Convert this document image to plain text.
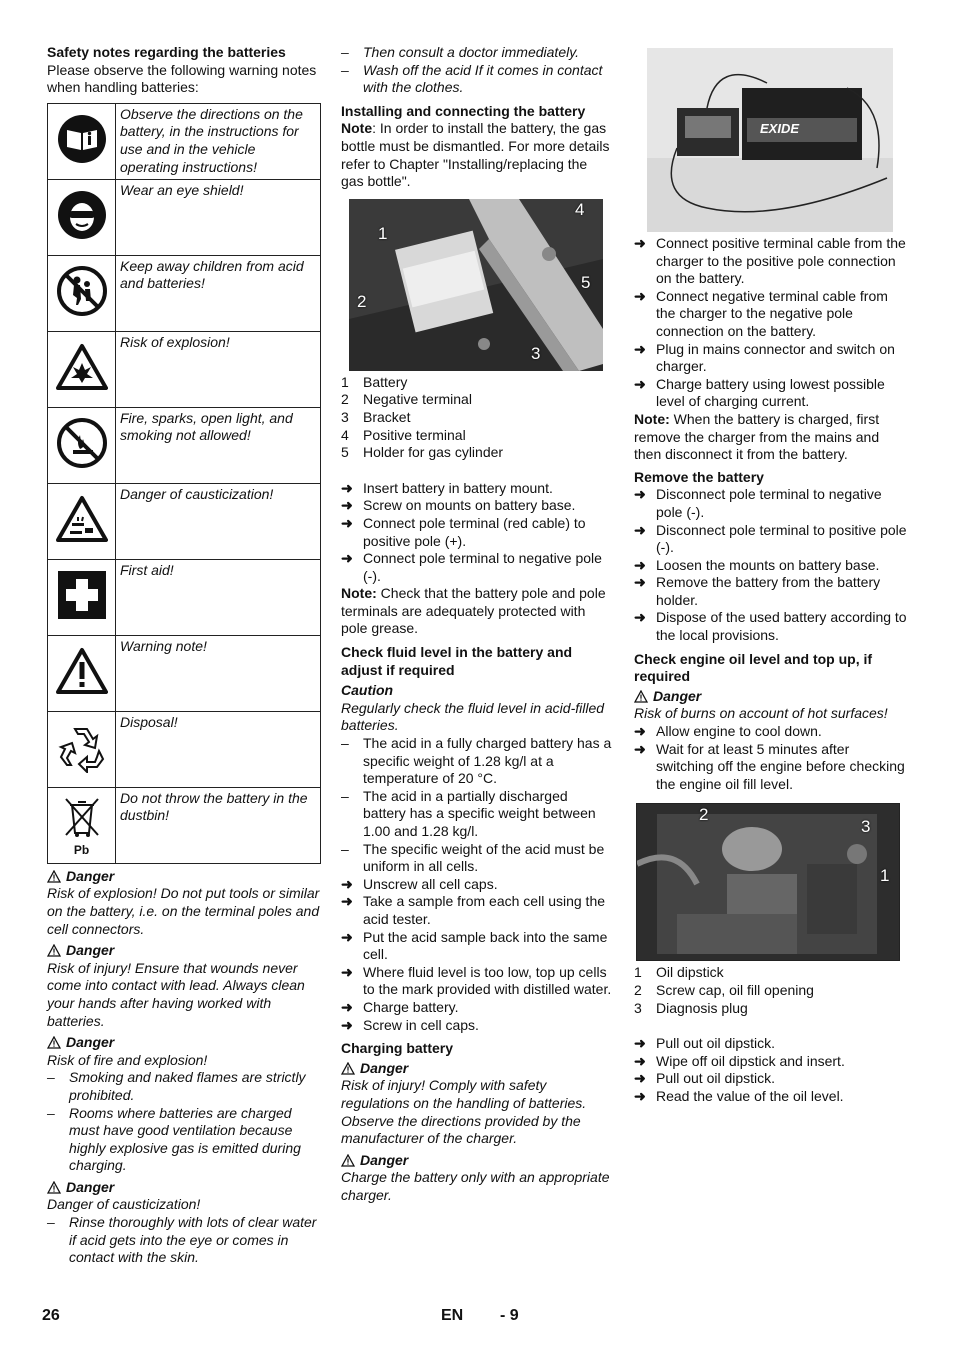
Safety notes regarding the batteries

Please observe the following warning notes when handling batteries:

	Observe the directions on the battery, in the instructions for use and in the vehicle operating instructions!
	Wear an eye shield!
	Keep away children from acid and batteries!
	Risk of explosion!
	Fire, sparks, open light, and smoking not allowed!
	Danger of causticization!
	First aid!
	Warning note!
	Disposal!

Pb	Do not throw the battery in the dustbin!
Danger

Risk of explosion! Do not put tools or similar on the battery, i.e. on the terminal poles and cell connectors.

Danger

Risk of injury! Ensure that wounds never come into contact with lead. Always clean your hands after having worked with batteries.

Danger

Risk of fire and explosion!

– Smoking and naked flames are strictly prohibited.
– Rooms where batteries are charged must have good ventilation because highly explosive gas is emitted during charging.
Danger

Danger of causticization!

– Rinse thoroughly with lots of clear water if acid gets into the eye or comes in contact with the skin.
– Then consult a doctor immediately.
– Wash off the acid If it comes in contact with the clothes.

Installing and connecting the battery

Note: In order to install the battery, the gas bottle must be dismantled. For more details refer to Chapter "Installing/replacing the gas bottle".

1
2
3
4
5
1 Battery
2 Negative terminal
3 Bracket
4 Positive terminal
5 Holder for gas cylinder
➜ Insert battery in battery mount.
➜ Screw on mounts on battery base.
➜ Connect pole terminal (red cable) to positive pole (+).
➜ Connect pole terminal to negative pole (-).

Note: Check that the battery pole and pole terminals are adequately protected with pole grease.

Check fluid level in the battery and adjust if required

Caution

Regularly check the fluid level in acid-filled batteries.

– The acid in a fully charged battery has a specific weight of 1.28 kg/l at a temperature of 20 °C.
– The acid in a partially discharged battery has a specific weight between 1.00 and 1.28 kg/l.
– The specific weight of the acid must be uniform in all cells.
➜ Unscrew all cell caps.
➜ Take a sample from each cell using the acid tester.
➜ Put the acid sample back into the same cell.
➜ Where fluid level is too low, top up cells to the mark provided with distilled water.
➜ Charge battery.
➜ Screw in cell caps.

Charging battery

Danger

Risk of injury! Comply with safety regulations on the handling of batteries. Observe the directions provided by the manufacturer of the charger.

Danger

Charge the battery only with an appropriate charger.

EXIDE
➜ Connect positive terminal cable from the charger to the positive pole connection on the battery.
➜ Connect negative terminal cable from the charger to the negative pole connection on the battery.
➜ Plug in mains connector and switch on charger.
➜ Charge battery using lowest possible level of charging current.

Note: When the battery is charged, first remove the charger from the mains and then disconnect it from the battery.

Remove the battery

➜ Disconnect pole terminal to negative pole (-).
➜ Disconnect pole terminal to positive pole (-).
➜ Loosen the mounts on battery base.
➜ Remove the battery from the battery holder.
➜ Dispose of the used battery according to the local provisions.

Check engine oil level and top up, if required

Danger

Risk of burns on account of hot surfaces!

➜ Allow engine to cool down.
➜ Wait for at least 5 minutes after switching off the engine before checking the engine oil fill level.
2
3
1
1 Oil dipstick
2 Screw cap, oil fill opening
3 Diagnosis plug
➜ Pull out oil dipstick.
➜ Wipe off oil dipstick and insert.
➜ Pull out oil dipstick.
➜ Read the value of the oil level.
26	EN - 9
